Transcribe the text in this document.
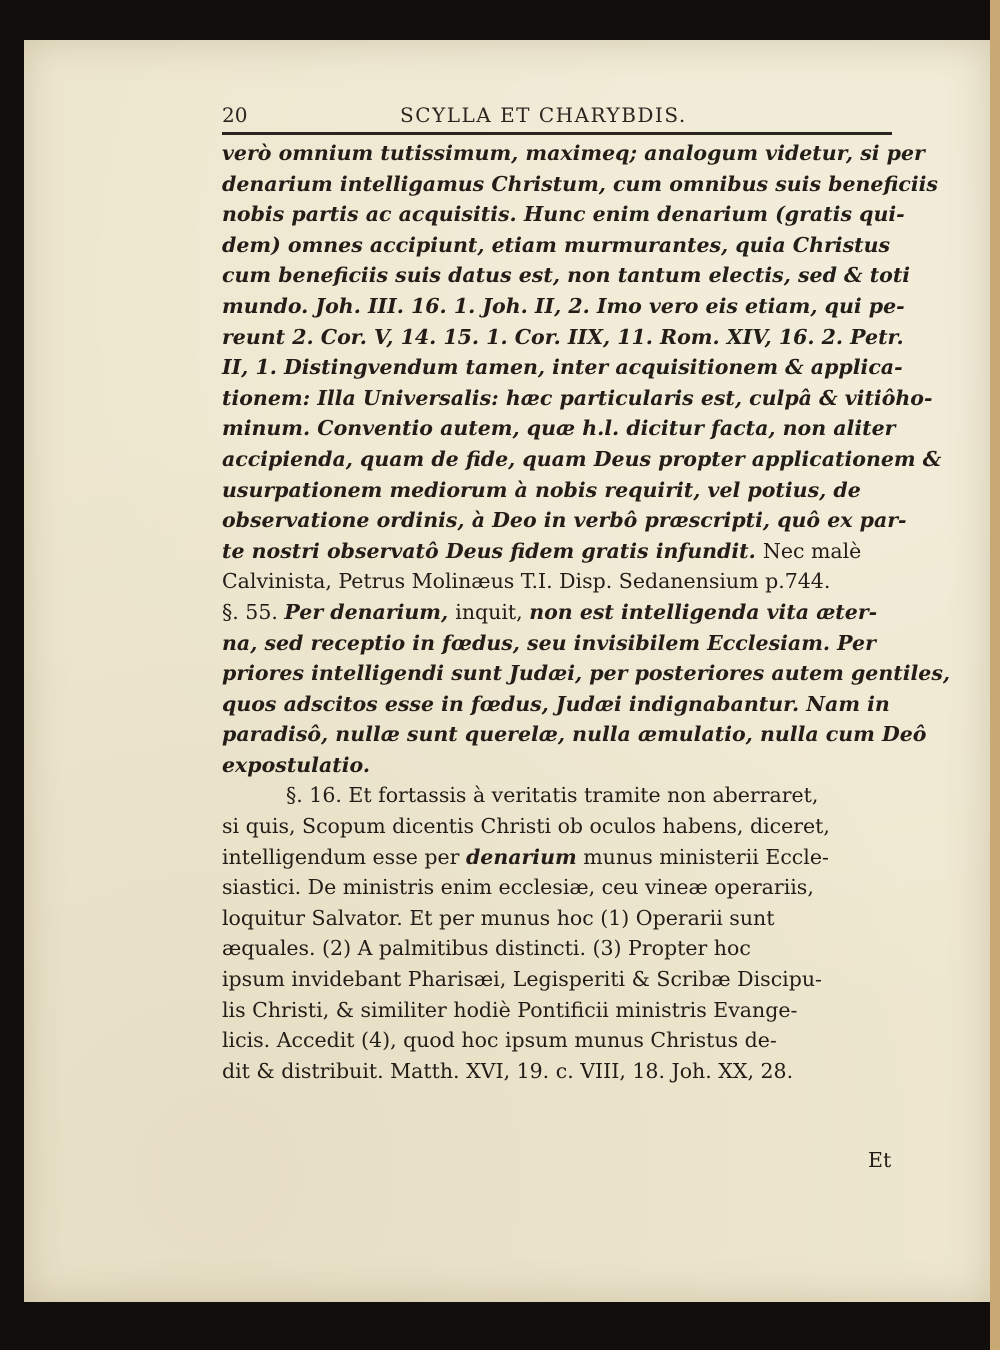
20	SCYLLA ET CHARYBDIS.
verò omnium tutissimum, maximeq; analogum videtur, si per
denarium intelligamus Christum, cum omnibus suis beneficiis
nobis partis ac acquisitis. Hunc enim denarium (gratis qui-
dem) omnes accipiunt, etiam murmurantes, quia Christus
cum beneficiis suis datus est, non tantum electis, sed & toti
mundo. Joh. III. 16. 1. Joh. II, 2. Imo vero eis etiam, qui pe-
reunt 2. Cor. V, 14. 15. 1. Cor. IIX, 11. Rom. XIV, 16. 2. Petr.
II, 1. Distingvendum tamen, inter acquisitionem & applica-
tionem: Illa Universalis: hæc particularis est, culpâ & vitiôho-
minum. Conventio autem, quæ h.l. dicitur facta, non aliter
accipienda, quam de fide, quam Deus propter applicationem &
usurpationem mediorum à nobis requirit, vel potius, de
observatione ordinis, à Deo in verbô præscripti, quô ex par-
te nostri observatô Deus fidem gratis infundit. Nec malè
Calvinista, Petrus Molinæus T.I. Disp. Sedanensium p.744.
§. 55. Per denarium, inquit, non est intelligenda vita æter-
na, sed receptio in fœdus, seu invisibilem Ecclesiam. Per
priores intelligendi sunt Judæi, per posteriores autem gentiles,
quos adscitos esse in fœdus, Judæi indignabantur. Nam in
paradisô, nullæ sunt querelæ, nulla æmulatio, nulla cum Deô
expostulatio.
§. 16. Et fortassis à veritatis tramite non aberraret,
si quis, Scopum dicentis Christi ob oculos habens, diceret,
intelligendum esse per denarium munus ministerii Eccle-
siastici. De ministris enim ecclesiæ, ceu vineæ operariis,
loquitur Salvator. Et per munus hoc (1) Operarii sunt
æquales. (2) A palmitibus distincti. (3) Propter hoc
ipsum invidebant Pharisæi, Legisperiti & Scribæ Discipu-
lis Christi, & similiter hodiè Pontificii ministris Evange-
licis. Accedit (4), quod hoc ipsum munus Christus de-
dit & distribuit. Matth. XVI, 19. c. VIII, 18. Joh. XX, 28.
Et
